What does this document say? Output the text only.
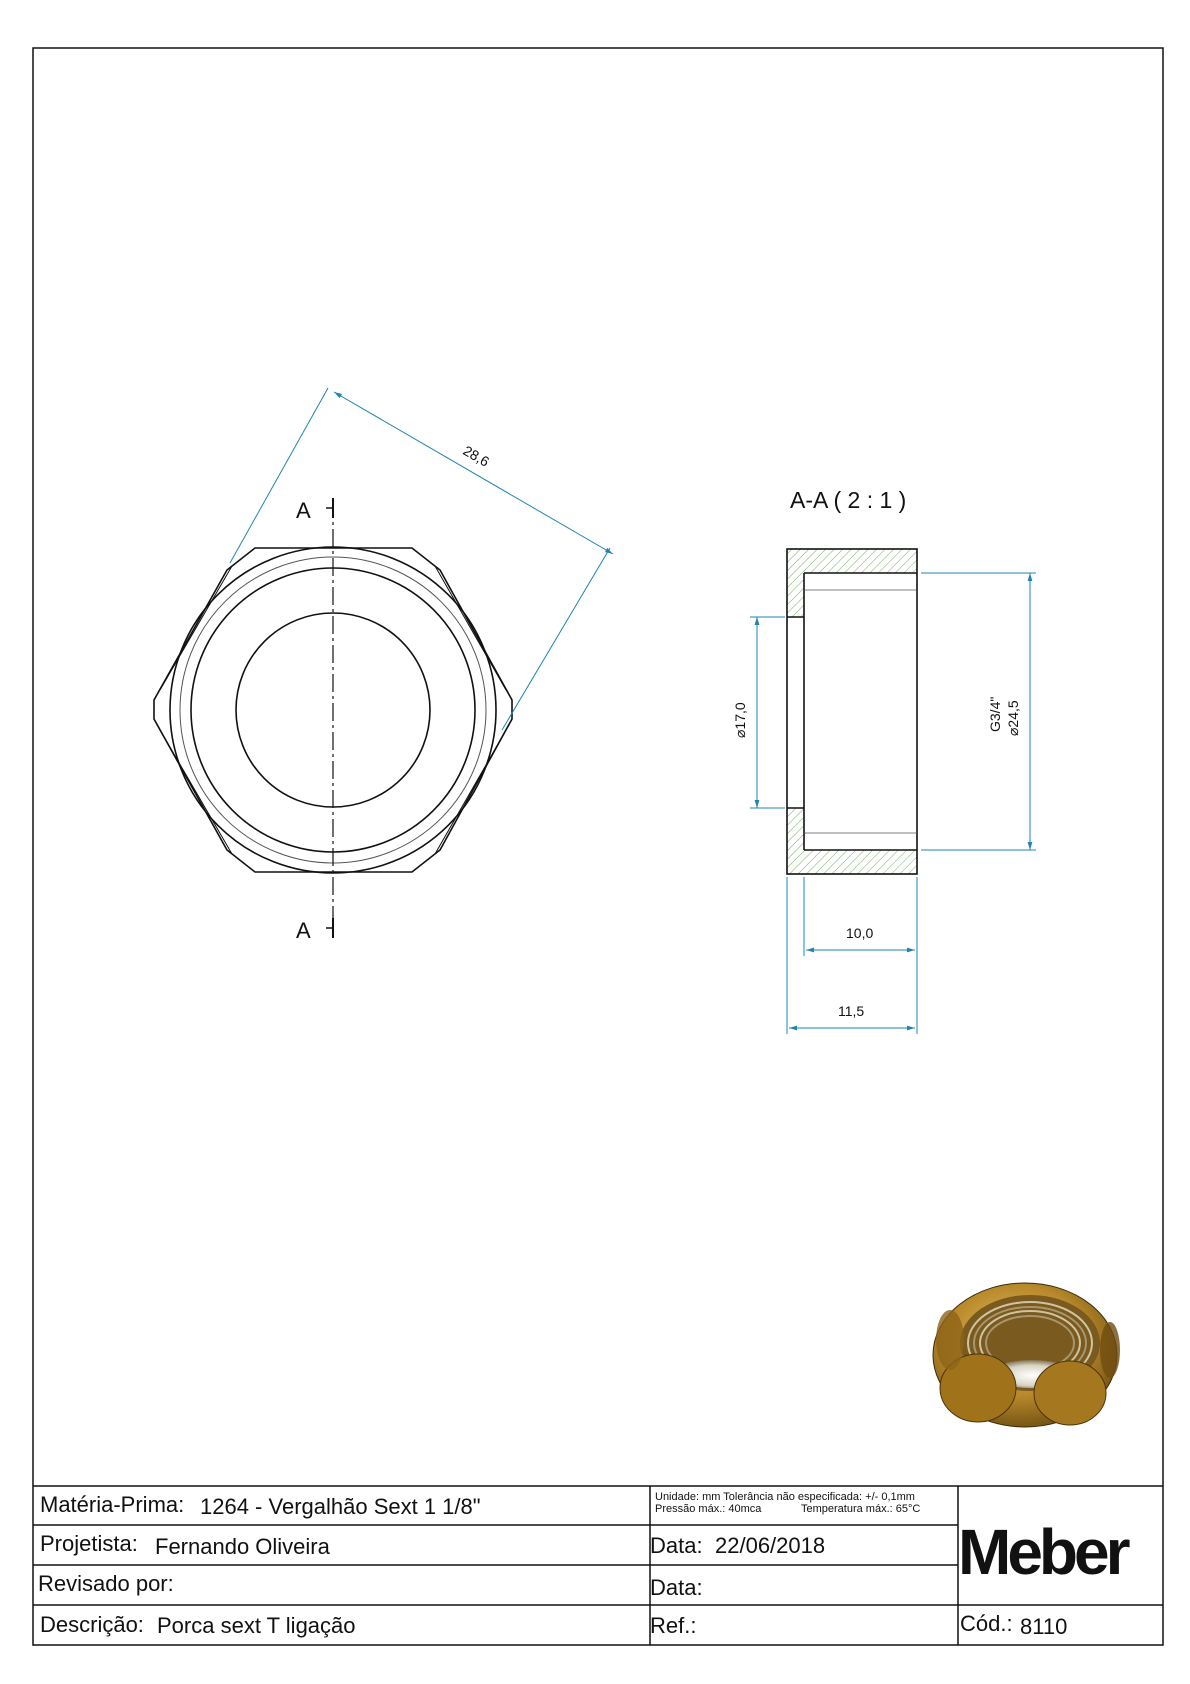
A
A
A-A ( 2 : 1 )
28,6
⌀17,0	G3/4" ⌀24,5
10,0
11,5
Matéria-Prima: 1264 - Vergalhão Sext 1 1/8"
Projetista: Fernando Oliveira
Revisado por:
Descrição: Porca sext T ligação
Unidade: mm Tolerância não especificada: +/- 0,1mm
Pressão máx.: 40mca	Temperatura máx.: 65°C
Data: 22/06/2018
Data:
Ref.:
Meber
Cód.: 8110
